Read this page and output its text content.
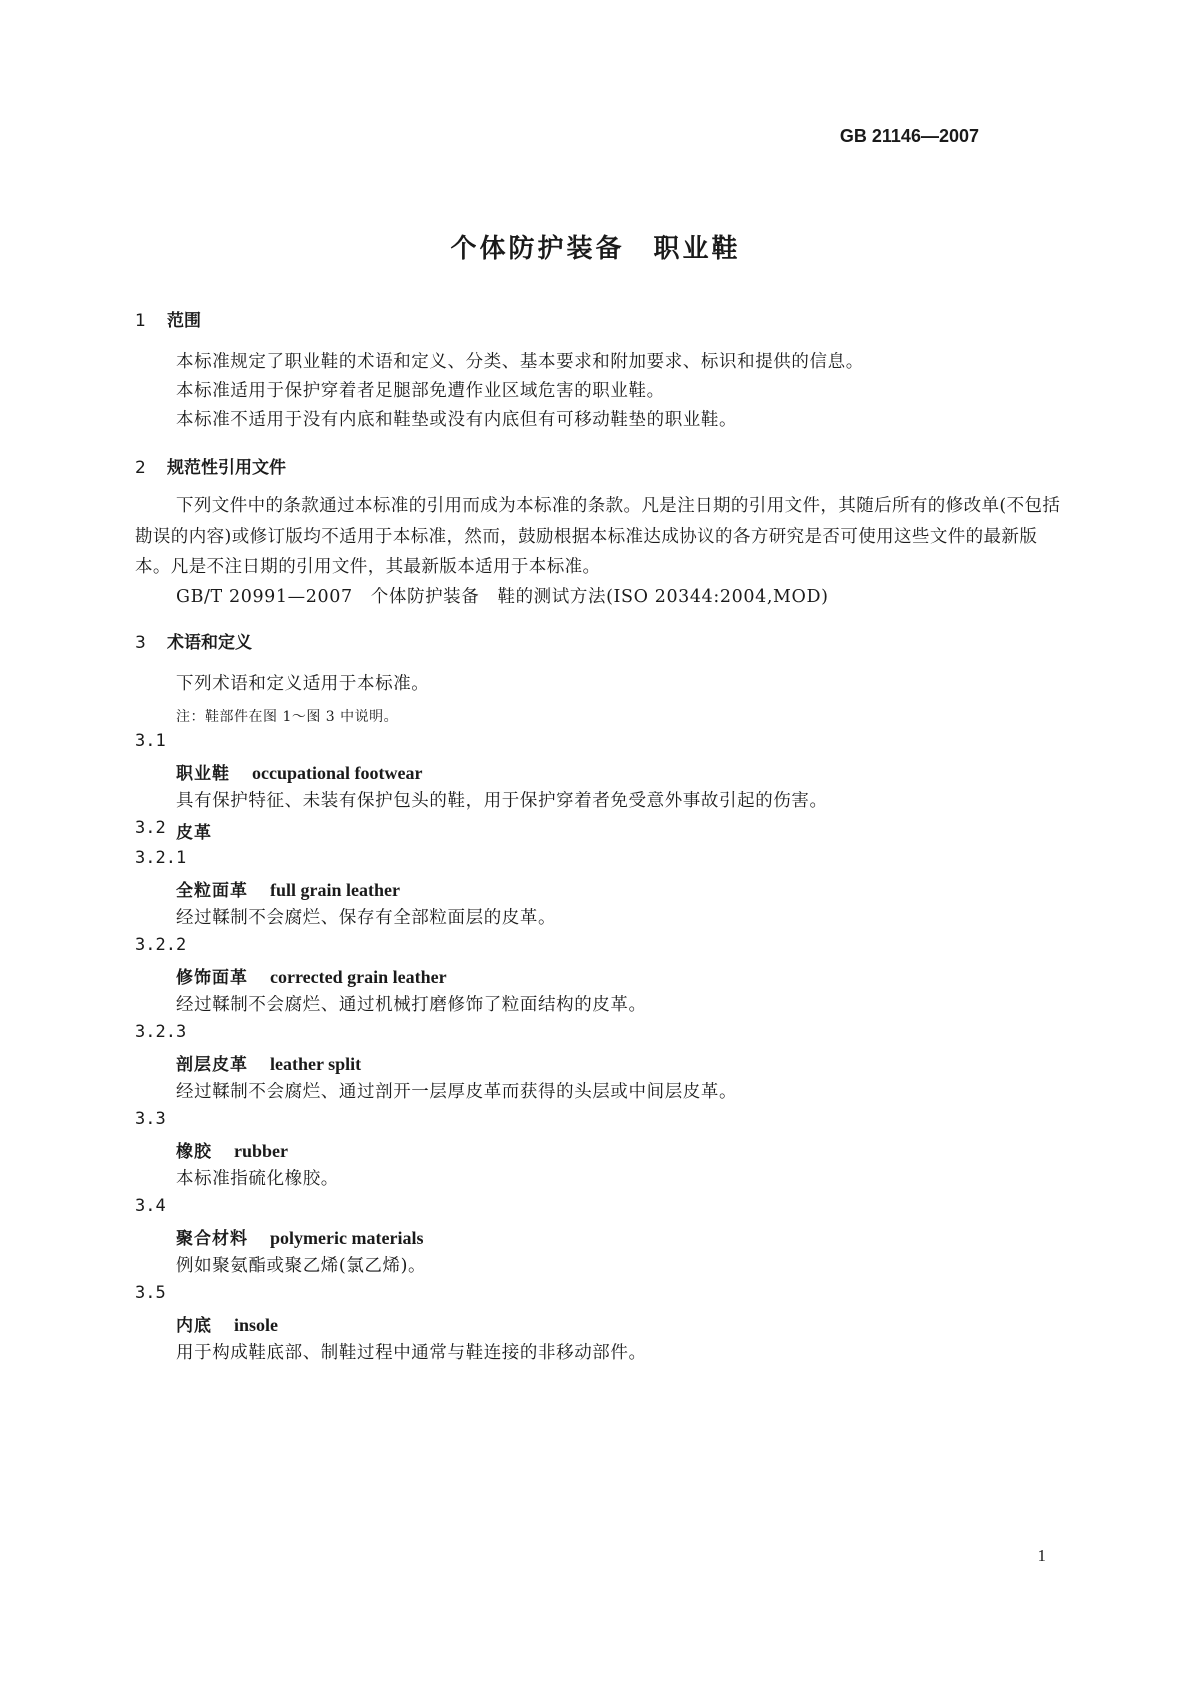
GB 21146—2007
个体防护装备　职业鞋
1 范围
本标准规定了职业鞋的术语和定义、分类、基本要求和附加要求、标识和提供的信息。
本标准适用于保护穿着者足腿部免遭作业区域危害的职业鞋。
本标准不适用于没有内底和鞋垫或没有内底但有可移动鞋垫的职业鞋。
2 规范性引用文件
下列文件中的条款通过本标准的引用而成为本标准的条款。凡是注日期的引用文件，其随后所有的修改单(不包括勘误的内容)或修订版均不适用于本标准，然而，鼓励根据本标准达成协议的各方研究是否可使用这些文件的最新版本。凡是不注日期的引用文件，其最新版本适用于本标准。
GB/T 20991—2007　个体防护装备　鞋的测试方法(ISO 20344:2004,MOD)
3 术语和定义
下列术语和定义适用于本标准。
注：鞋部件在图 1～图 3 中说明。
3.1
职业鞋 occupational footwear
具有保护特征、未装有保护包头的鞋，用于保护穿着者免受意外事故引起的伤害。
3.2 皮革
3.2.1
全粒面革 full grain leather
经过鞣制不会腐烂、保存有全部粒面层的皮革。
3.2.2
修饰面革 corrected grain leather
经过鞣制不会腐烂、通过机械打磨修饰了粒面结构的皮革。
3.2.3
剖层皮革 leather split
经过鞣制不会腐烂、通过剖开一层厚皮革而获得的头层或中间层皮革。
3.3
橡胶 rubber
本标准指硫化橡胶。
3.4
聚合材料 polymeric materials
例如聚氨酯或聚乙烯(氯乙烯)。
3.5
内底 insole
用于构成鞋底部、制鞋过程中通常与鞋连接的非移动部件。
1
